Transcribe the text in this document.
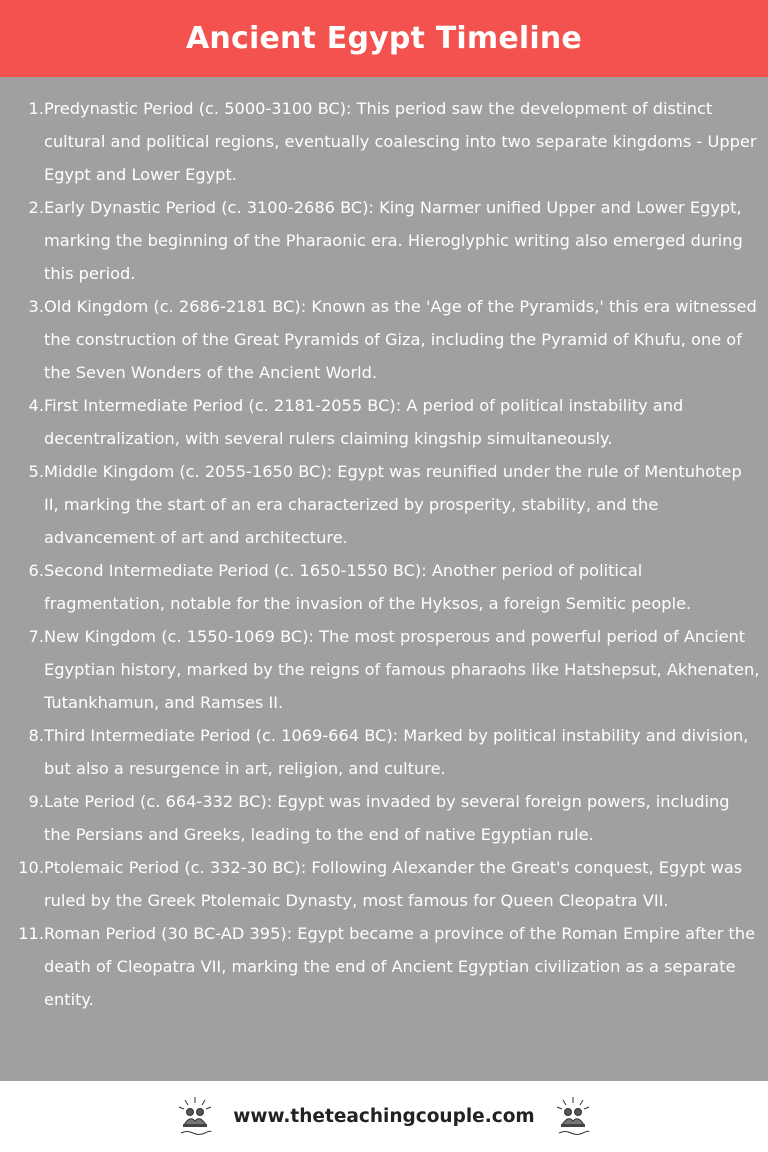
Ancient Egypt Timeline
1. Predynastic Period (c. 5000-3100 BC): This period saw the development of distinct cultural and political regions, eventually coalescing into two separate kingdoms - Upper Egypt and Lower Egypt.
2. Early Dynastic Period (c. 3100-2686 BC): King Narmer unified Upper and Lower Egypt, marking the beginning of the Pharaonic era. Hieroglyphic writing also emerged during this period.
3. Old Kingdom (c. 2686-2181 BC): Known as the 'Age of the Pyramids,' this era witnessed the construction of the Great Pyramids of Giza, including the Pyramid of Khufu, one of the Seven Wonders of the Ancient World.
4. First Intermediate Period (c. 2181-2055 BC): A period of political instability and decentralization, with several rulers claiming kingship simultaneously.
5. Middle Kingdom (c. 2055-1650 BC): Egypt was reunified under the rule of Mentuhotep II, marking the start of an era characterized by prosperity, stability, and the advancement of art and architecture.
6. Second Intermediate Period (c. 1650-1550 BC): Another period of political fragmentation, notable for the invasion of the Hyksos, a foreign Semitic people.
7. New Kingdom (c. 1550-1069 BC): The most prosperous and powerful period of Ancient Egyptian history, marked by the reigns of famous pharaohs like Hatshepsut, Akhenaten, Tutankhamun, and Ramses II.
8. Third Intermediate Period (c. 1069-664 BC): Marked by political instability and division, but also a resurgence in art, religion, and culture.
9. Late Period (c. 664-332 BC): Egypt was invaded by several foreign powers, including the Persians and Greeks, leading to the end of native Egyptian rule.
10. Ptolemaic Period (c. 332-30 BC): Following Alexander the Great's conquest, Egypt was ruled by the Greek Ptolemaic Dynasty, most famous for Queen Cleopatra VII.
11. Roman Period (30 BC-AD 395): Egypt became a province of the Roman Empire after the death of Cleopatra VII, marking the end of Ancient Egyptian civilization as a separate entity.
www.theteachingcouple.com
